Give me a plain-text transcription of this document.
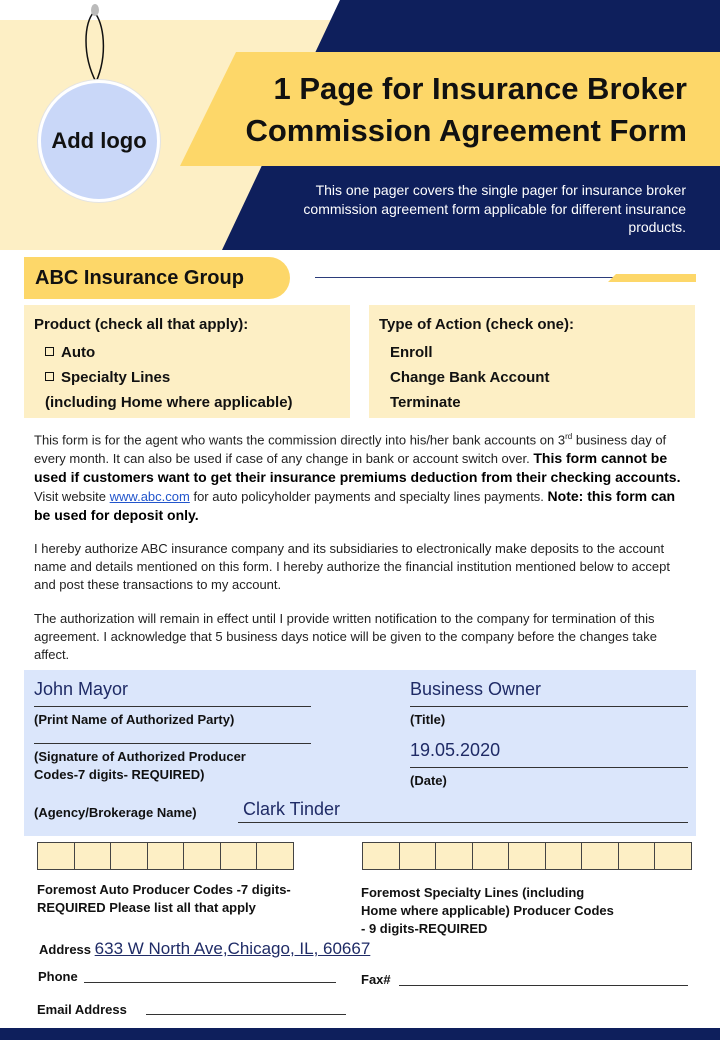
Add logo
1 Page for Insurance Broker
Commission Agreement Form
This one pager covers the single pager for insurance broker commission agreement form applicable for different insurance products.
ABC Insurance Group
Product (check all that apply):
Auto
Specialty Lines
(including Home where applicable)
Type of Action (check one):
Enroll
Change Bank Account
Terminate
This form is for the agent who wants the commission directly into his/her bank accounts on 3rd business day of every month. It can also be used if case of any change in bank or account switch over. This form cannot be used if customers want to get their insurance premiums deduction from their checking accounts. Visit website www.abc.com for auto policyholder payments and specialty lines payments. Note: this form can be used for deposit only.
I hereby authorize ABC insurance company and its subsidiaries to electronically make deposits to the account name and details mentioned on this form. I hereby authorize the financial institution mentioned below to accept and post these transactions to my account.
The authorization will remain in effect until I provide written notification to the company for termination of this agreement. I acknowledge that 5 business days notice will be given to the company before the changes take affect.
John Mayor
(Print Name of Authorized Party)
Business Owner
(Title)
(Signature of Authorized Producer
Codes-7 digits- REQUIRED)
19.05.2020
(Date)
(Agency/Brokerage Name)	Clark Tinder
Foremost Auto Producer Codes -7 digits-
REQUIRED Please list all that apply
Foremost Specialty Lines (including
Home where applicable) Producer Codes
- 9 digits-REQUIRED
Address 633 W North Ave,Chicago, IL, 60667
Phone	Fax#
Email Address
